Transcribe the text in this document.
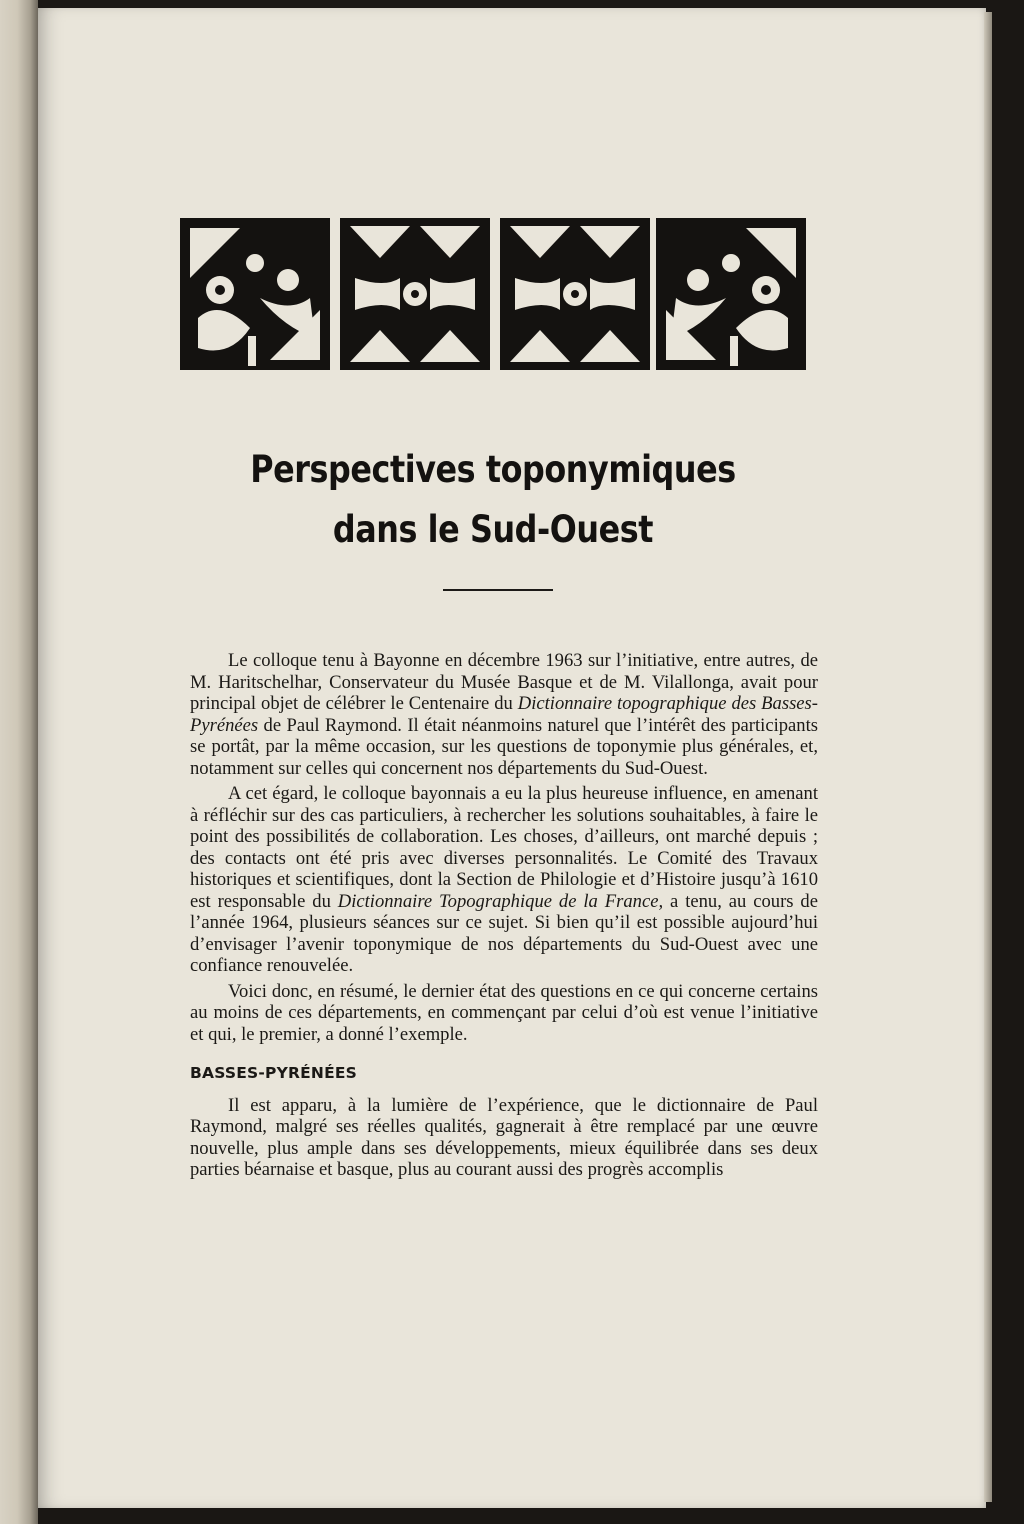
Perspectives toponymiques
dans le Sud-Ouest

Le colloque tenu à Bayonne en décembre 1963 sur l’initiative, entre autres, de M. Haritschelhar, Conservateur du Musée Basque et de M. Vilallonga, avait pour principal objet de célébrer le Centenaire du Dictionnaire topographique des Basses-Pyrénées de Paul Raymond. Il était néanmoins naturel que l’intérêt des participants se portât, par la même occasion, sur les questions de toponymie plus générales, et, notamment sur celles qui concernent nos départements du Sud-Ouest.

A cet égard, le colloque bayonnais a eu la plus heureuse influence, en amenant à réfléchir sur des cas particuliers, à rechercher les solutions souhaitables, à faire le point des possibilités de collaboration. Les choses, d’ailleurs, ont marché depuis ; des contacts ont été pris avec diverses personnalités. Le Comité des Travaux historiques et scientifiques, dont la Section de Philologie et d’Histoire jusqu’à 1610 est responsable du Dictionnaire Topographique de la France, a tenu, au cours de l’année 1964, plusieurs séances sur ce sujet. Si bien qu’il est possible aujourd’hui d’envisager l’avenir toponymique de nos départements du Sud-Ouest avec une confiance renouvelée.

Voici donc, en résumé, le dernier état des questions en ce qui concerne certains au moins de ces départements, en commençant par celui d’où est venue l’initiative et qui, le premier, a donné l’exemple.

BASSES-PYRÉNÉES

Il est apparu, à la lumière de l’expérience, que le dictionnaire de Paul Raymond, malgré ses réelles qualités, gagnerait à être remplacé par une œuvre nouvelle, plus ample dans ses développements, mieux équilibrée dans ses deux parties béarnaise et basque, plus au courant aussi des progrès accomplis
